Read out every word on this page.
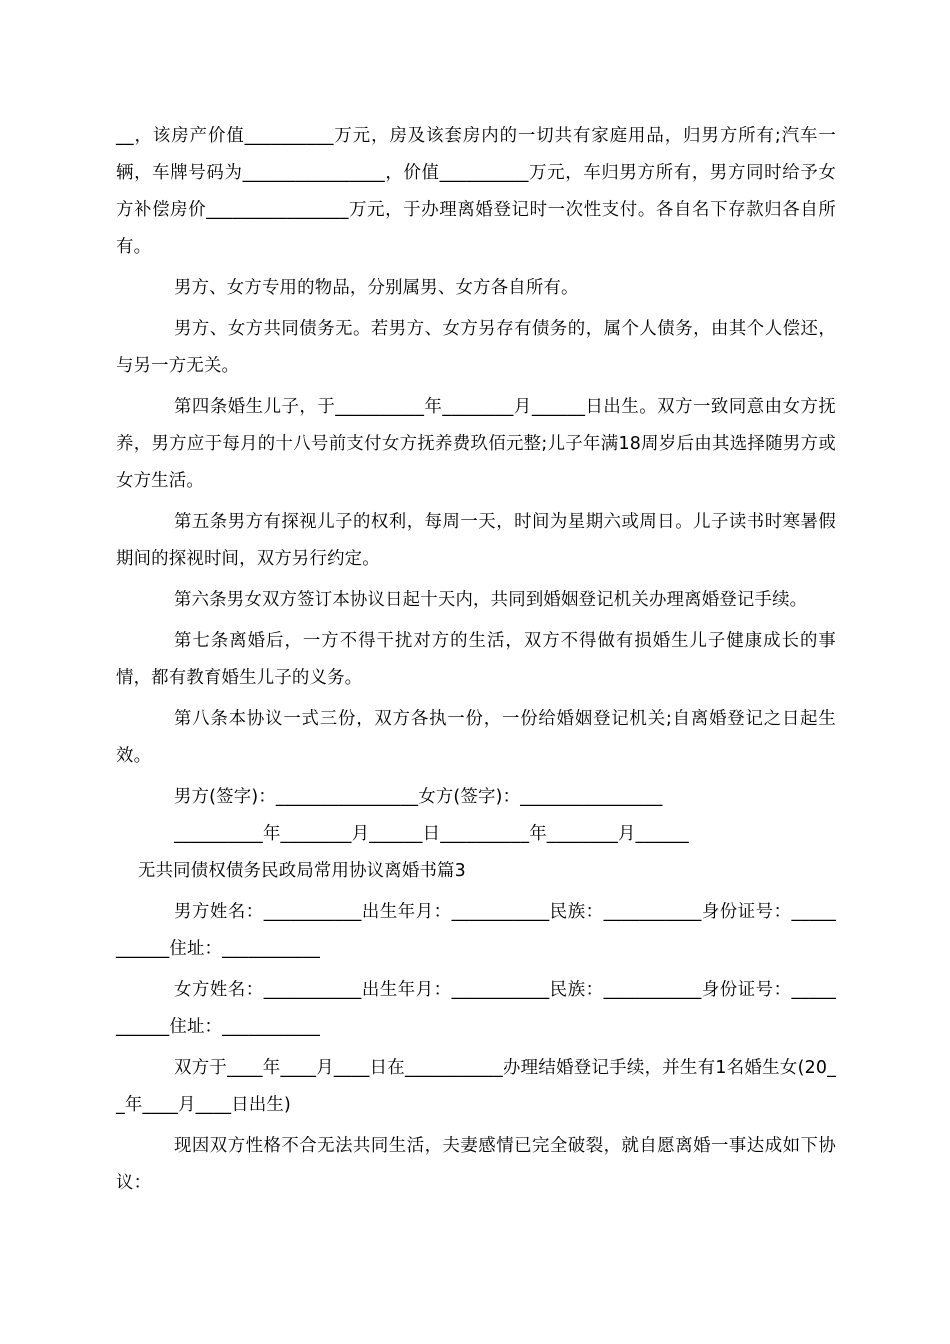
__，该房产价值__________万元，房及该套房内的一切共有家庭用品，归男方所有;汽车一辆，车牌号码为________________，价值__________万元，车归男方所有，男方同时给予女方补偿房价________________万元，于办理离婚登记时一次性支付。各自名下存款归各自所有。

男方、女方专用的物品，分别属男、女方各自所有。

男方、女方共同债务无。若男方、女方另存有债务的，属个人债务，由其个人偿还，与另一方无关。

第四条婚生儿子，于__________年________月______日出生。双方一致同意由女方抚养，男方应于每月的十八号前支付女方抚养费玖佰元整;儿子年满18周岁后由其选择随男方或女方生活。

第五条男方有探视儿子的权利，每周一天，时间为星期六或周日。儿子读书时寒暑假期间的探视时间，双方另行约定。

第六条男女双方签订本协议日起十天内，共同到婚姻登记机关办理离婚登记手续。

第七条离婚后，一方不得干扰对方的生活，双方不得做有损婚生儿子健康成长的事情，都有教育婚生儿子的义务。

第八条本协议一式三份，双方各执一份，一份给婚姻登记机关;自离婚登记之日起生效。

男方(签字)：________________女方(签字)：________________

__________年________月______日__________年________月______

无共同债权债务民政局常用协议离婚书篇3

男方姓名：___________出生年月：___________民族：___________身份证号：___________住址：___________

女方姓名：___________出生年月：___________民族：___________身份证号：___________住址：___________

双方于____年____月____日在___________办理结婚登记手续，并生有1名婚生女(20__年____月____日出生)

现因双方性格不合无法共同生活，夫妻感情已完全破裂，就自愿离婚一事达成如下协议：
